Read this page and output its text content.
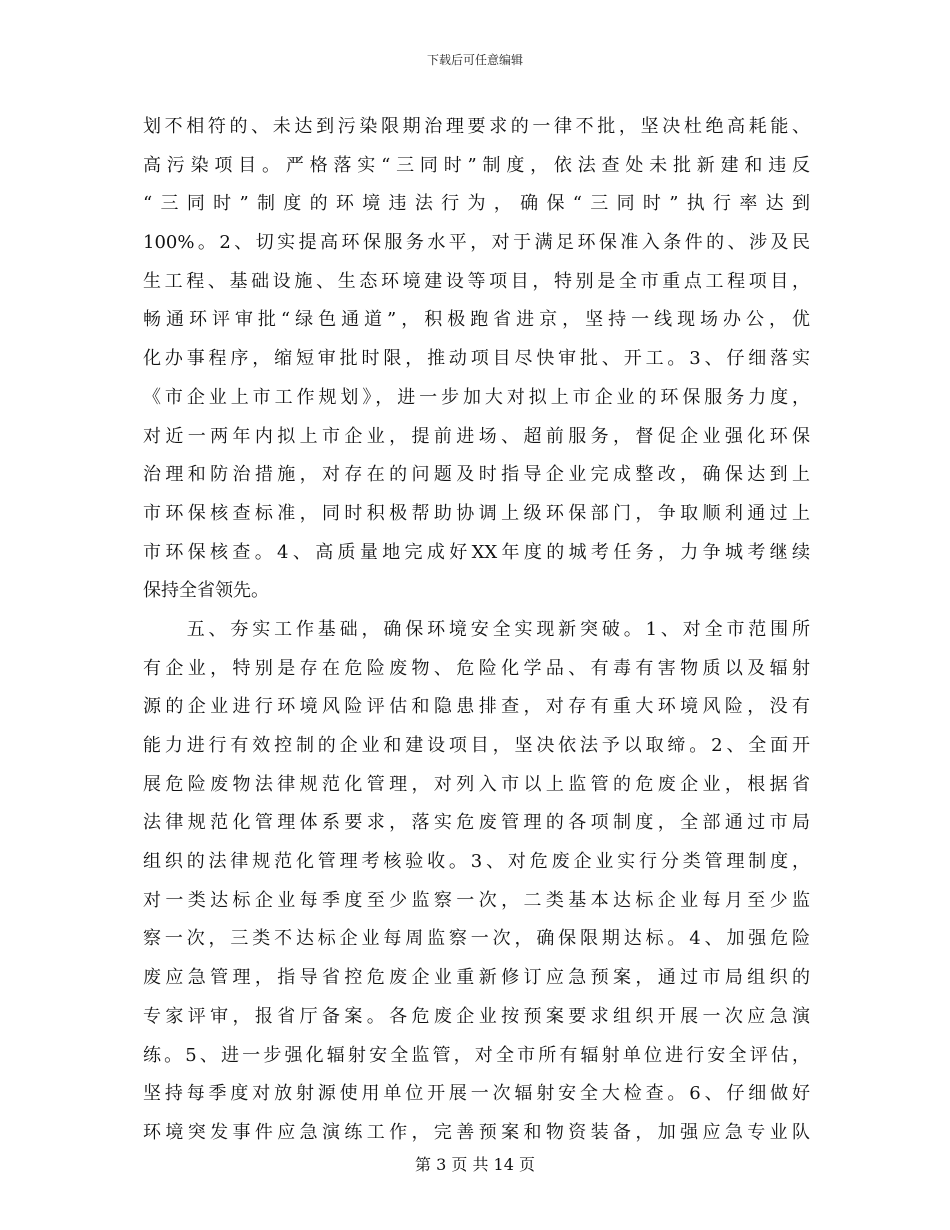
下载后可任意编辑
划不相符的、未达到污染限期治理要求的一律不批，坚决杜绝高耗能、
高污染项目。严格落实“三同时”制度，依法查处未批新建和违反
“三同时”制度的环境违法行为，确保“三同时”执行率达到
100%。2、切实提高环保服务水平，对于满足环保准入条件的、涉及民
生工程、基础设施、生态环境建设等项目，特别是全市重点工程项目，
畅通环评审批“绿色通道”，积极跑省进京，坚持一线现场办公，优
化办事程序，缩短审批时限，推动项目尽快审批、开工。3、仔细落实
《市企业上市工作规划》，进一步加大对拟上市企业的环保服务力度，
对近一两年内拟上市企业，提前进场、超前服务，督促企业强化环保
治理和防治措施，对存在的问题及时指导企业完成整改，确保达到上
市环保核查标准，同时积极帮助协调上级环保部门，争取顺利通过上
市环保核查。4、高质量地完成好XX年度的城考任务，力争城考继续
保持全省领先。
　　五、夯实工作基础，确保环境安全实现新突破。1、对全市范围所
有企业，特别是存在危险废物、危险化学品、有毒有害物质以及辐射
源的企业进行环境风险评估和隐患排查，对存有重大环境风险，没有
能力进行有效控制的企业和建设项目，坚决依法予以取缔。2、全面开
展危险废物法律规范化管理，对列入市以上监管的危废企业，根据省
法律规范化管理体系要求，落实危废管理的各项制度，全部通过市局
组织的法律规范化管理考核验收。3、对危废企业实行分类管理制度，
对一类达标企业每季度至少监察一次，二类基本达标企业每月至少监
察一次，三类不达标企业每周监察一次，确保限期达标。4、加强危险
废应急管理，指导省控危废企业重新修订应急预案，通过市局组织的
专家评审，报省厅备案。各危废企业按预案要求组织开展一次应急演
练。5、进一步强化辐射安全监管，对全市所有辐射单位进行安全评估，
坚持每季度对放射源使用单位开展一次辐射安全大检查。6、仔细做好
环境突发事件应急演练工作，完善预案和物资装备，加强应急专业队
第 3 页 共 14 页
